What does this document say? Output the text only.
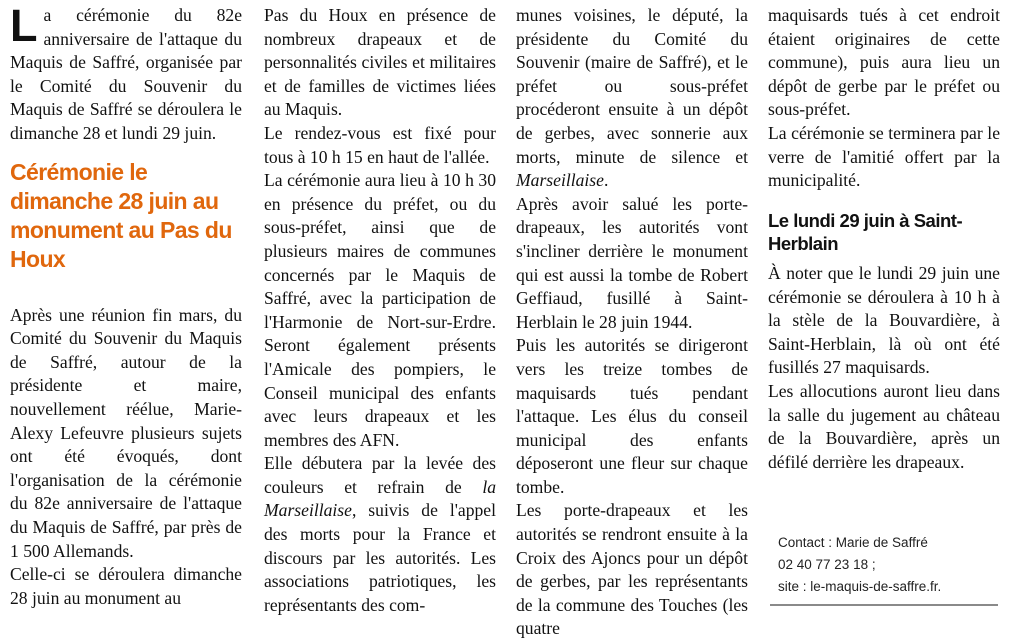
La cérémonie du 82e anniversaire de l'attaque du Maquis de Saffré, organisée par le Comité du Souvenir du Maquis de Saffré se déroulera le dimanche 28 et lundi 29 juin.

Cérémonie le dimanche 28 juin au monument au Pas du Houx

Après une réunion fin mars, du Comité du Souvenir du Maquis de Saffré, autour de la présidente et maire, nouvellement réélue, Marie-Alexy Lefeuvre plusieurs sujets ont été évoqués, dont l'organisation de la cérémonie du 82e anniversaire de l'attaque du Maquis de Saffré, par près de 1 500 Allemands.

Celle-ci se déroulera dimanche 28 juin au monument au

Pas du Houx en présence de nombreux drapeaux et de personnalités civiles et militaires et de familles de victimes liées au Maquis.

Le rendez-vous est fixé pour tous à 10 h 15 en haut de l'allée.

La cérémonie aura lieu à 10 h 30 en présence du préfet, ou du sous-préfet, ainsi que de plusieurs maires de communes concernés par le Maquis de Saffré, avec la participation de l'Harmonie de Nort-sur-Erdre. Seront également présents l'Amicale des pompiers, le Conseil municipal des enfants avec leurs drapeaux et les membres des AFN.

Elle débutera par la levée des couleurs et refrain de la Marseillaise, suivis de l'appel des morts pour la France et discours par les autorités. Les associations patriotiques, les représentants des com-

munes voisines, le député, la présidente du Comité du Souvenir (maire de Saffré), et le préfet ou sous-préfet procéderont ensuite à un dépôt de gerbes, avec sonnerie aux morts, minute de silence et Marseillaise.

Après avoir salué les porte-drapeaux, les autorités vont s'incliner derrière le monument qui est aussi la tombe de Robert Geffiaud, fusillé à Saint-Herblain le 28 juin 1944.

Puis les autorités se dirigeront vers les treize tombes de maquisards tués pendant l'attaque. Les élus du conseil municipal des enfants déposeront une fleur sur chaque tombe.

Les porte-drapeaux et les autorités se rendront ensuite à la Croix des Ajoncs pour un dépôt de gerbes, par les représentants de la commune des Touches (les quatre

maquisards tués à cet endroit étaient originaires de cette commune), puis aura lieu un dépôt de gerbe par le préfet ou sous-préfet.

La cérémonie se terminera par le verre de l'amitié offert par la municipalité.

Le lundi 29 juin à Saint-Herblain

À noter que le lundi 29 juin une cérémonie se déroulera à 10 h à la stèle de la Bouvardière, à Saint-Herblain, là où ont été fusillés 27 maquisards.

Les allocutions auront lieu dans la salle du jugement au château de la Bouvardière, après un défilé derrière les drapeaux.

Contact : Marie de Saffré
02 40 77 23 18 ;
site : le-maquis-de-saffre.fr.
